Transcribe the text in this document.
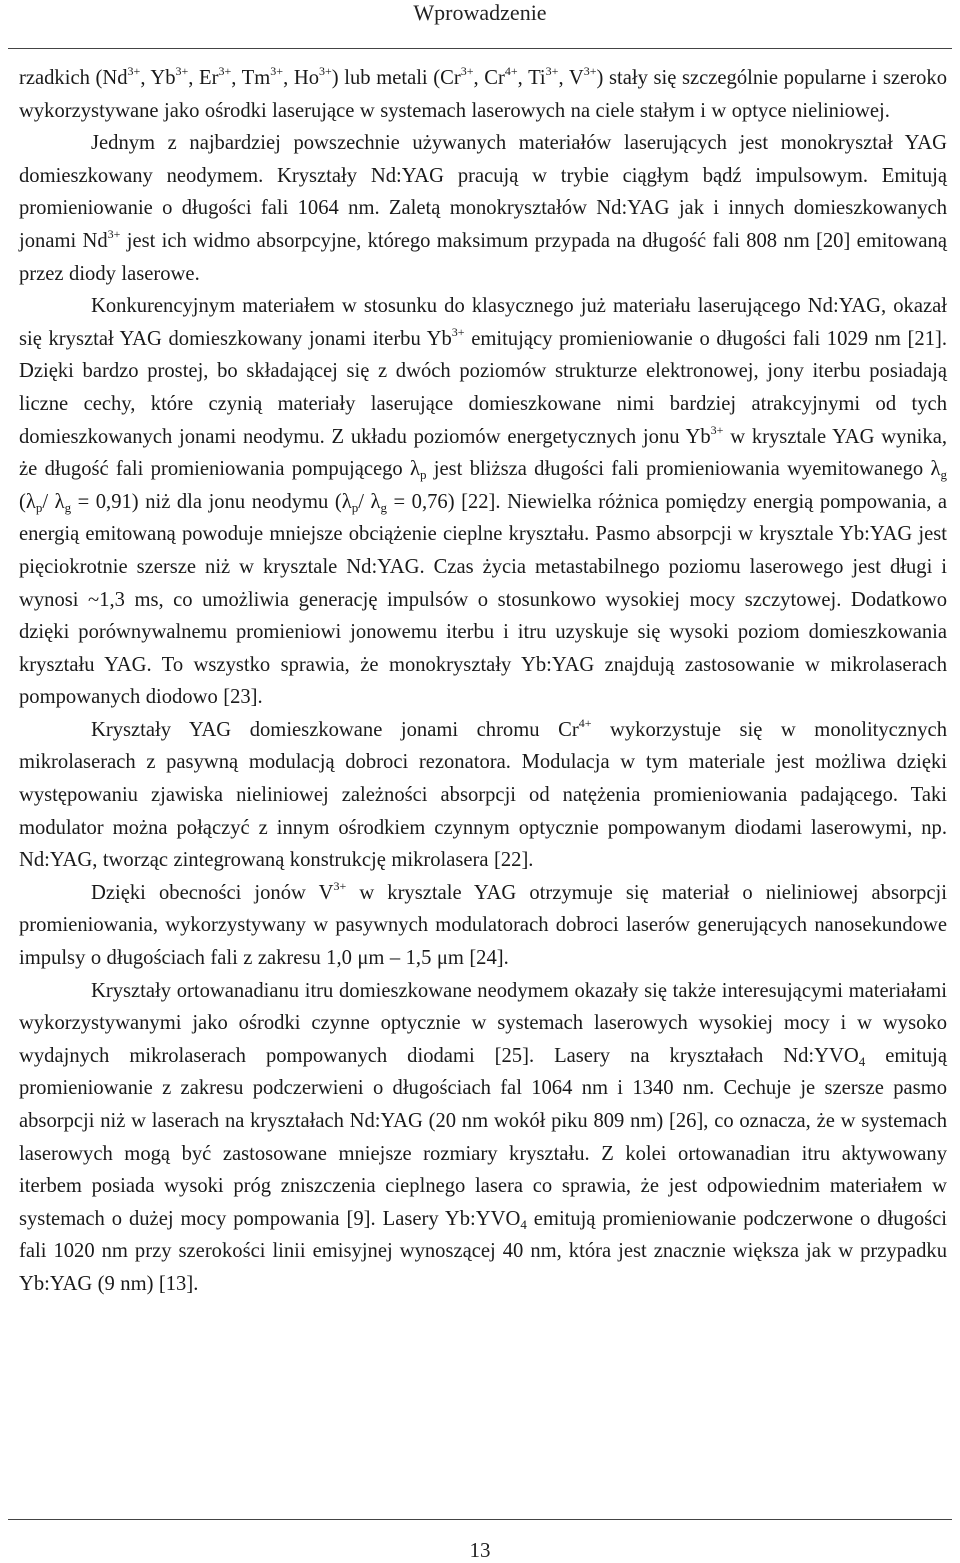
Wprowadzenie

rzadkich ($Nd^{3+}$, $Yb^{3+}$, $Er^{3+}$, $Tm^{3+}$, $Ho^{3+}$) lub metali ($Cr^{3+}$, $Cr^{4+}$, $Ti^{3+}$, $V^{3+}$) stały się szczególnie popularne i szeroko wykorzystywane jako ośrodki laserujące w systemach laserowych na ciele stałym i w optyce nieliniowej.

Jednym z najbardziej powszechnie używanych materiałów laserujących jest monokryształ YAG domieszkowany neodymem. Kryształy Nd:YAG pracują w trybie ciągłym bądź impulsowym. Emitują promieniowanie o długości fali 1064 nm. Zaletą monokryształów Nd:YAG jak i innych domieszkowanych jonami $Nd^{3+}$ jest ich widmo absorpcyjne, którego maksimum przypada na długość fali 808 nm [20] emitowaną przez diody laserowe.

Konkurencyjnym materiałem w stosunku do klasycznego już materiału laserującego Nd:YAG, okazał się kryształ YAG domieszkowany jonami iterbu $Yb^{3+}$ emitujący promieniowanie o długości fali 1029 nm [21]. Dzięki bardzo prostej, bo składającej się z dwóch poziomów strukturze elektronowej, jony iterbu posiadają liczne cechy, które czynią materiały laserujące domieszkowane nimi bardziej atrakcyjnymi od tych domieszkowanych jonami neodymu. Z układu poziomów energetycznych jonu $Yb^{3+}$ w krysztale YAG wynika, że długość fali promieniowania pompującego $\lambda_p$ jest bliższa długości fali promieniowania wyemitowanego $\lambda_g$ ($\lambda_p/$ $\lambda_g = 0,91$) niż dla jonu neodymu ($\lambda_p/$ $\lambda_g = 0,76$) [22]. Niewielka różnica pomiędzy energią pompowania, a energią emitowaną powoduje mniejsze obciążenie cieplne kryształu. Pasmo absorpcji w krysztale Yb:YAG jest pięciokrotnie szersze niż w krysztale Nd:YAG. Czas życia metastabilnego poziomu laserowego jest długi i wynosi ~1,3 ms, co umożliwia generację impulsów o stosunkowo wysokiej mocy szczytowej. Dodatkowo dzięki porównywalnemu promieniowi jonowemu iterbu i itru uzyskuje się wysoki poziom domieszkowania kryształu YAG. To wszystko sprawia, że monokryształy Yb:YAG znajdują zastosowanie w mikrolaserach pompowanych diodowo [23].

Kryształy YAG domieszkowane jonami chromu $Cr^{4+}$ wykorzystuje się w monolitycznych mikrolaserach z pasywną modulacją dobroci rezonatora. Modulacja w tym materiale jest możliwa dzięki występowaniu zjawiska nieliniowej zależności absorpcji od natężenia promieniowania padającego. Taki modulator można połączyć z innym ośrodkiem czynnym optycznie pompowanym diodami laserowymi, np. Nd:YAG, tworząc zintegrowaną konstrukcję mikrolasera [22].

Dzięki obecności jonów $V^{3+}$ w krysztale YAG otrzymuje się materiał o nieliniowej absorpcji promieniowania, wykorzystywany w pasywnych modulatorach dobroci laserów generujących nanosekundowe impulsy o długościach fali z zakresu 1,0 μm – 1,5 μm [24].

Kryształy ortowanadianu itru domieszkowane neodymem okazały się także interesującymi materiałami wykorzystywanymi jako ośrodki czynne optycznie w systemach laserowych wysokiej mocy i w wysoko wydajnych mikrolaserach pompowanych diodami [25]. Lasery na kryształach $Nd:YVO_4$ emitują promieniowanie z zakresu podczerwieni o długościach fal 1064 nm i 1340 nm. Cechuje je szersze pasmo absorpcji niż w laserach na kryształach Nd:YAG (20 nm wokół piku 809 nm) [26], co oznacza, że w systemach laserowych mogą być zastosowane mniejsze rozmiary kryształu. Z kolei ortowanadian itru aktywowany iterbem posiada wysoki próg zniszczenia cieplnego lasera co sprawia, że jest odpowiednim materiałem w systemach o dużej mocy pompowania [9]. Lasery $Yb:YVO_4$ emitują promieniowanie podczerwone o długości fali 1020 nm przy szerokości linii emisyjnej wynoszącej 40 nm, która jest znacznie większa jak w przypadku Yb:YAG (9 nm) [13].

13
